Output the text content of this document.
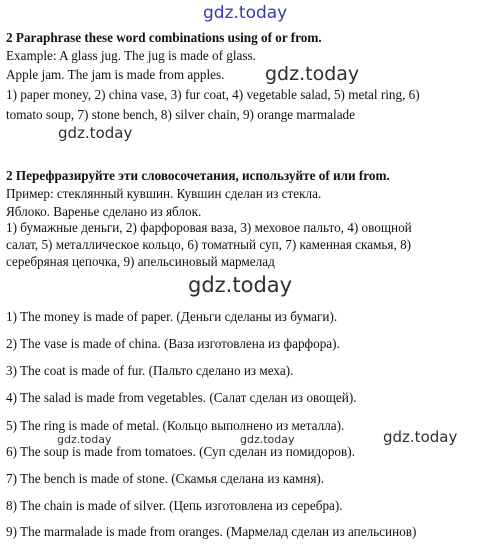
gdz.today
gdz.today
gdz.today
gdz.today
gdz.today	gdz.today	gdz.today
2 Paraphrase these word combinations using of or from.
Example: A glass jug. The jug is made of glass.
Apple jam. The jam is made from apples.
1) paper money, 2) china vase, 3) fur coat, 4) vegetable salad, 5) metal ring, 6)
tomato soup, 7) stone bench, 8) silver chain, 9) orange marmalade
2 Перефразируйте эти словосочетания, используйте of или from.
Пример: стеклянный кувшин. Кувшин сделан из стекла.
Яблоко. Варенье сделано из яблок.
1) бумажные деньги, 2) фарфоровая ваза, 3) меховое пальто, 4) овощной
салат, 5) металлическое кольцо, 6) томатный суп, 7) каменная скамья, 8)
серебряная цепочка, 9) апельсиновый мармелад
1) The money is made of paper. (Деньги сделаны из бумаги).
2) The vase is made of china. (Ваза изготовлена из фарфора).
3) The coat is made of fur. (Пальто сделано из меха).
4) The salad is made from vegetables. (Салат сделан из овощей).
5) The ring is made of metal. (Кольцо выполнено из металла).
6) The soup is made from tomatoes. (Суп сделан из помидоров).
7) The bench is made of stone. (Скамья сделана из камня).
8) The chain is made of silver. (Цепь изготовлена из серебра).
9) The marmalade is made from oranges. (Мармелад сделан из апельсинов)
